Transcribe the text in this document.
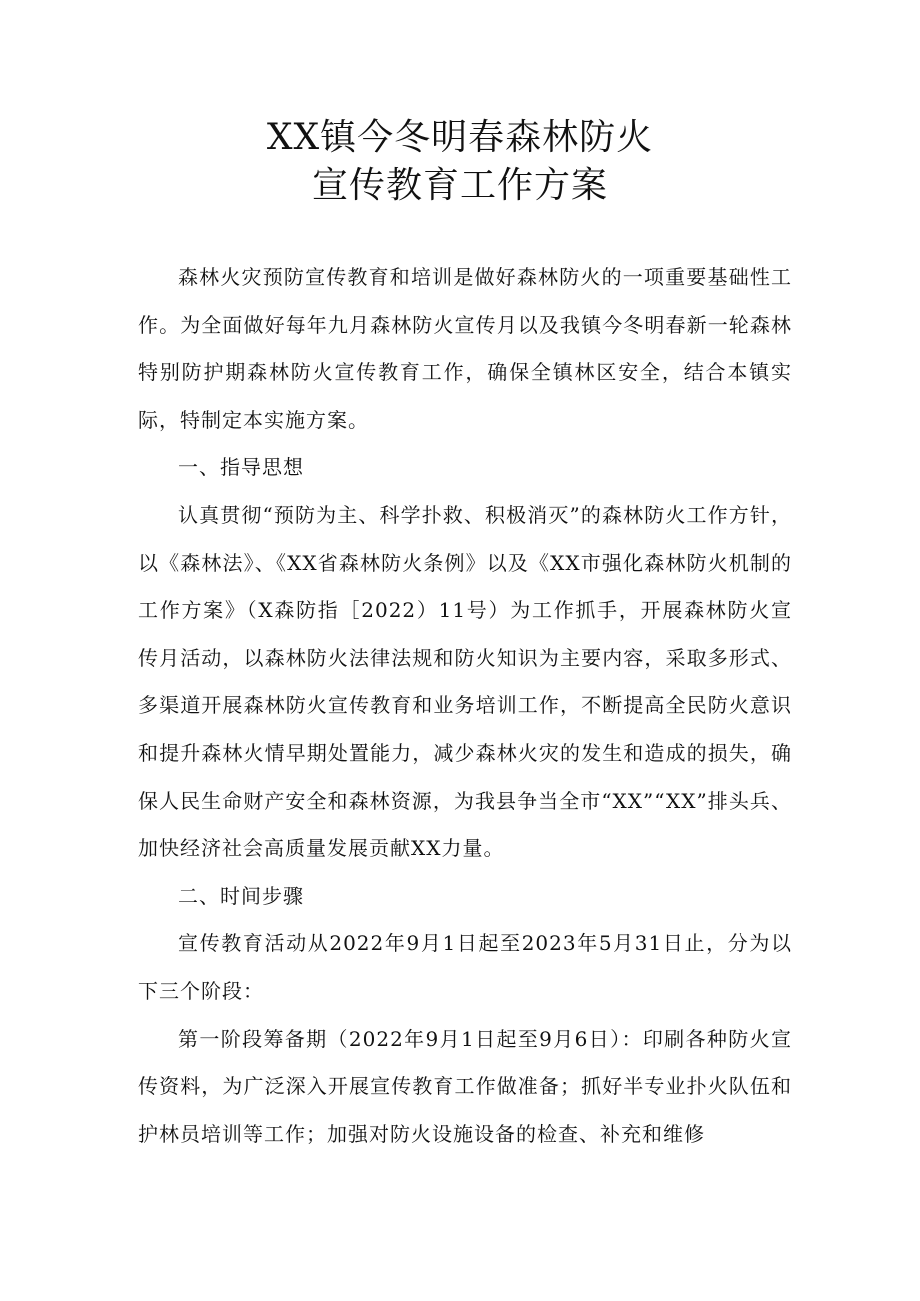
XX镇今冬明春森林防火
宣传教育工作方案

森林火灾预防宣传教育和培训是做好森林防火的一项重要基础性工作。为全面做好每年九月森林防火宣传月以及我镇今冬明春新一轮森林特别防护期森林防火宣传教育工作，确保全镇林区安全，结合本镇实际，特制定本实施方案。

一、指导思想

认真贯彻“预防为主、科学扑救、积极消灭”的森林防火工作方针，以《森林法》、《XX省森林防火条例》以及《XX市强化森林防火机制的工作方案》（X森防指［2022）11号）为工作抓手，开展森林防火宣传月活动，以森林防火法律法规和防火知识为主要内容，采取多形式、多渠道开展森林防火宣传教育和业务培训工作，不断提高全民防火意识和提升森林火情早期处置能力，减少森林火灾的发生和造成的损失，确保人民生命财产安全和森林资源，为我县争当全市“XX”“XX”排头兵、加快经济社会高质量发展贡献XX力量。

二、时间步骤

宣传教育活动从2022年9月1日起至2023年5月31日止，分为以下三个阶段：

第一阶段筹备期（2022年9月1日起至9月6日）：印刷各种防火宣传资料，为广泛深入开展宣传教育工作做准备；抓好半专业扑火队伍和护林员培训等工作；加强对防火设施设备的检查、补充和维修
